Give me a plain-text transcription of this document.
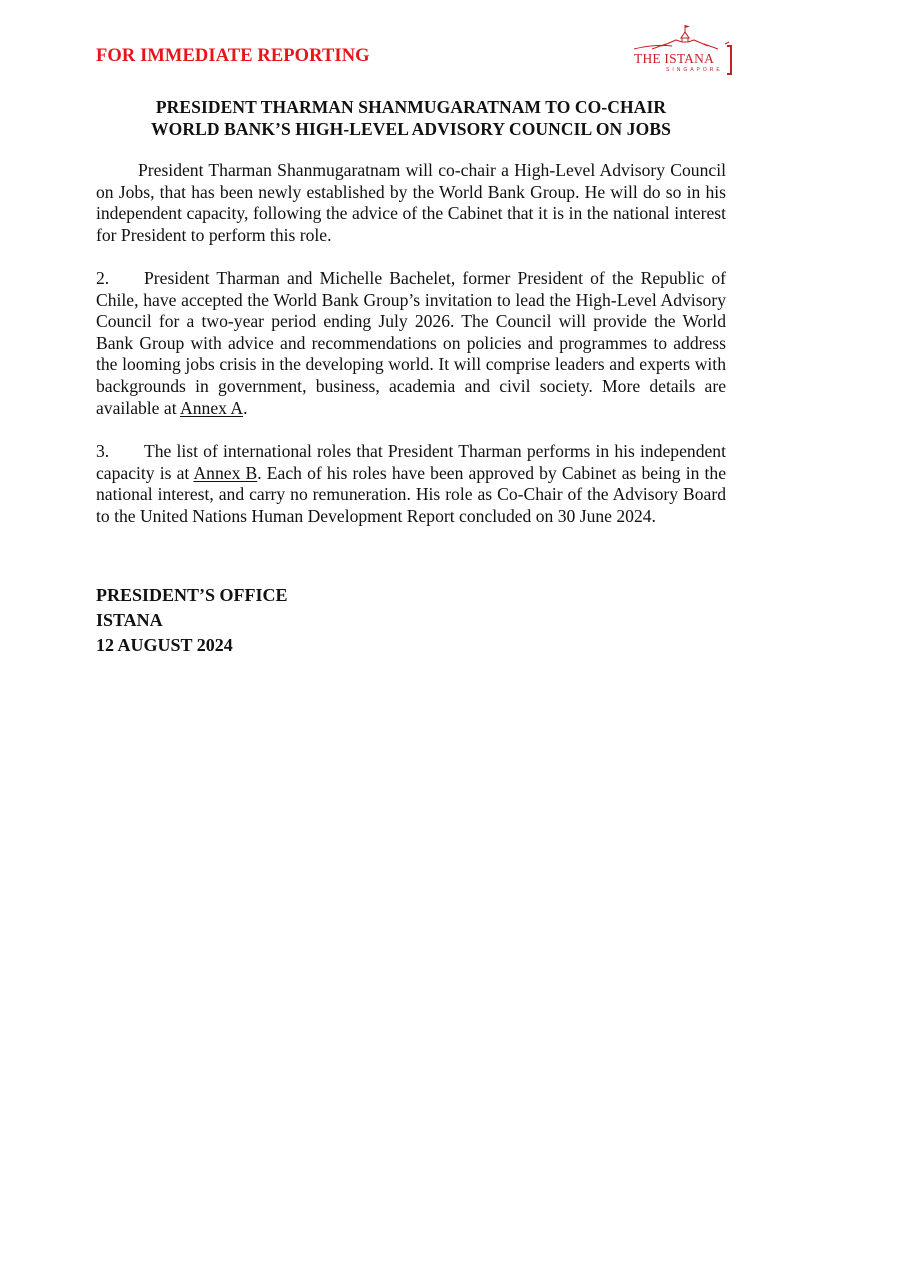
FOR IMMEDIATE REPORTING	THE ISTANA
SINGAPORE
PRESIDENT THARMAN SHANMUGARATNAM TO CO-CHAIR
WORLD BANK’S HIGH-LEVEL ADVISORY COUNCIL ON JOBS
President Tharman Shanmugaratnam will co-chair a High-Level Advisory Council on Jobs, that has been newly established by the World Bank Group. He will do so in his independent capacity, following the advice of the Cabinet that it is in the national interest for President to perform this role.
2. President Tharman and Michelle Bachelet, former President of the Republic of Chile, have accepted the World Bank Group’s invitation to lead the High-Level Advisory Council for a two-year period ending July 2026. The Council will provide the World Bank Group with advice and recommendations on policies and programmes to address the looming jobs crisis in the developing world. It will comprise leaders and experts with backgrounds in government, business, academia and civil society. More details are available at Annex A.
3. The list of international roles that President Tharman performs in his independent capacity is at Annex B. Each of his roles have been approved by Cabinet as being in the national interest, and carry no remuneration. His role as Co-Chair of the Advisory Board to the United Nations Human Development Report concluded on 30 June 2024.
PRESIDENT’S OFFICE
ISTANA
12 AUGUST 2024
